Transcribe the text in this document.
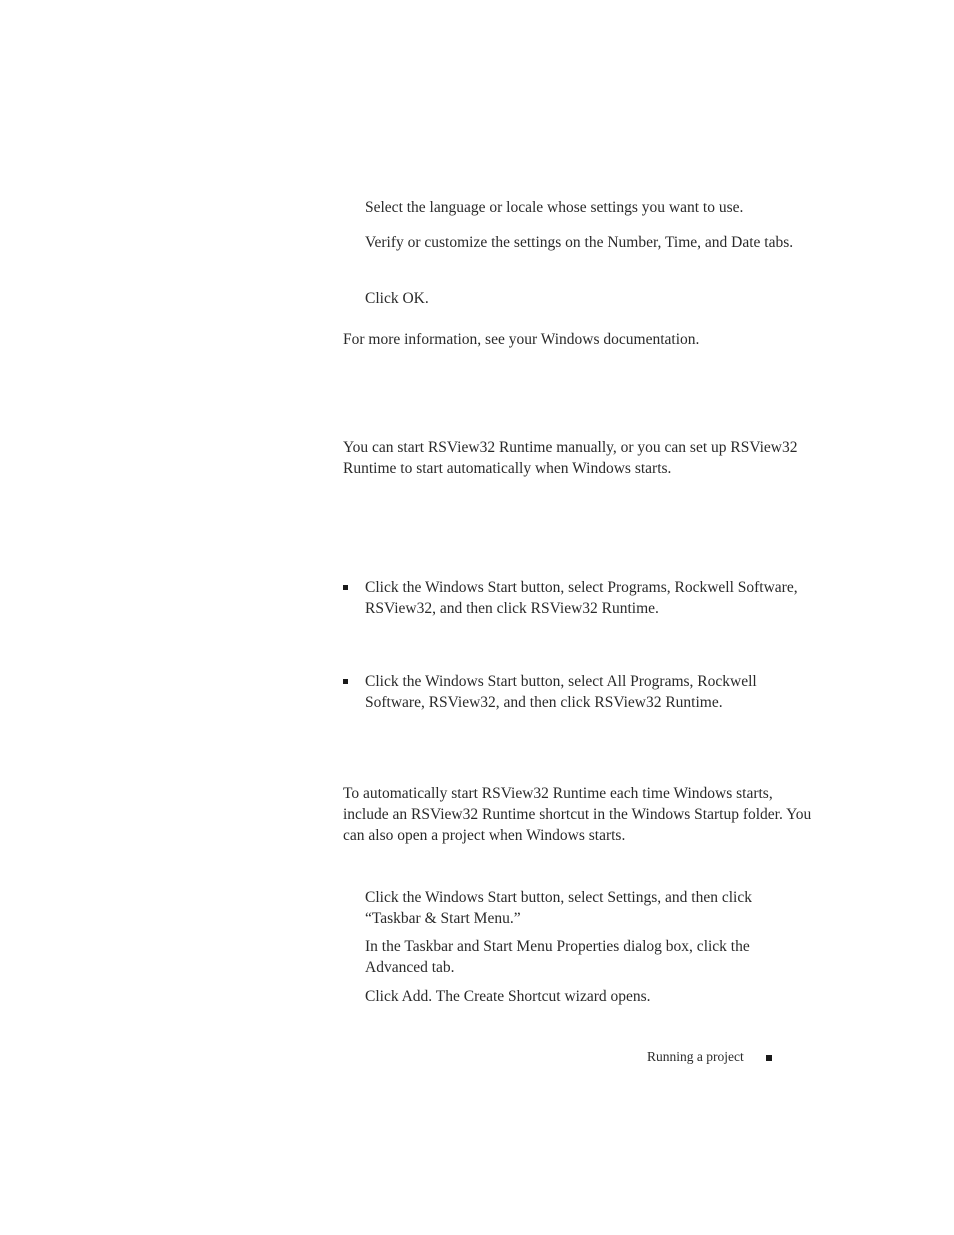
Select the language or locale whose settings you want to use.

Verify or customize the settings on the Number, Time, and Date tabs.

Click OK.

For more information, see your Windows documentation.

You can start RSView32 Runtime manually, or you can set up RSView32 Runtime to start automatically when Windows starts.

Click the Windows Start button, select Programs, Rockwell Software, RSView32, and then click RSView32 Runtime.

Click the Windows Start button, select All Programs, Rockwell Software, RSView32, and then click RSView32 Runtime.

To automatically start RSView32 Runtime each time Windows starts, include an RSView32 Runtime shortcut in the Windows Startup folder. You can also open a project when Windows starts.

Click the Windows Start button, select Settings, and then click “Taskbar & Start Menu.”

In the Taskbar and Start Menu Properties dialog box, click the Advanced tab.

Click Add. The Create Shortcut wizard opens.

Running a project
